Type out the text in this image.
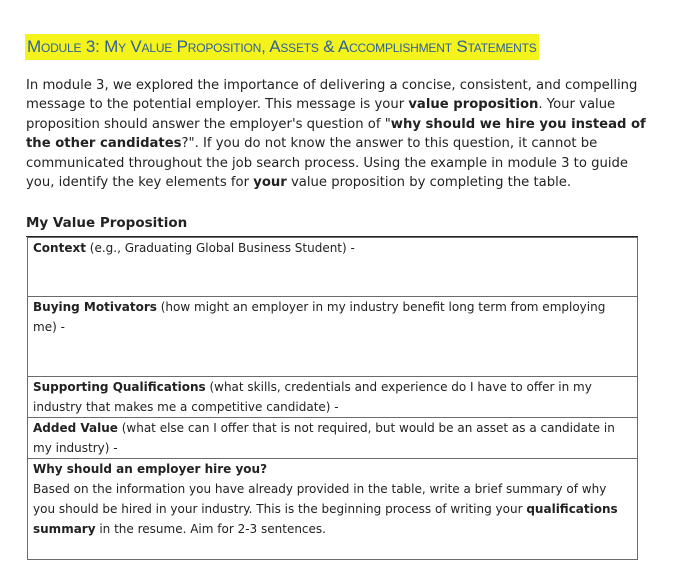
Module 3: My Value Proposition, Assets & Accomplishment Statements

In module 3, we explored the importance of delivering a concise, consistent, and compelling message to the potential employer. This message is your value proposition. Your value proposition should answer the employer's question of "why should we hire you instead of the other candidates?". If you do not know the answer to this question, it cannot be communicated throughout the job search process. Using the example in module 3 to guide you, identify the key elements for your value proposition by completing the table.

My Value Proposition

Context (e.g., Graduating Global Business Student) -
Buying Motivators (how might an employer in my industry benefit long term from employing me) -
Supporting Qualifications (what skills, credentials and experience do I have to offer in my industry that makes me a competitive candidate) -
Added Value (what else can I offer that is not required, but would be an asset as a candidate in my industry) -
Why should an employer hire you?
Based on the information you have already provided in the table, write a brief summary of why you should be hired in your industry. This is the beginning process of writing your qualifications summary in the resume. Aim for 2-3 sentences.
